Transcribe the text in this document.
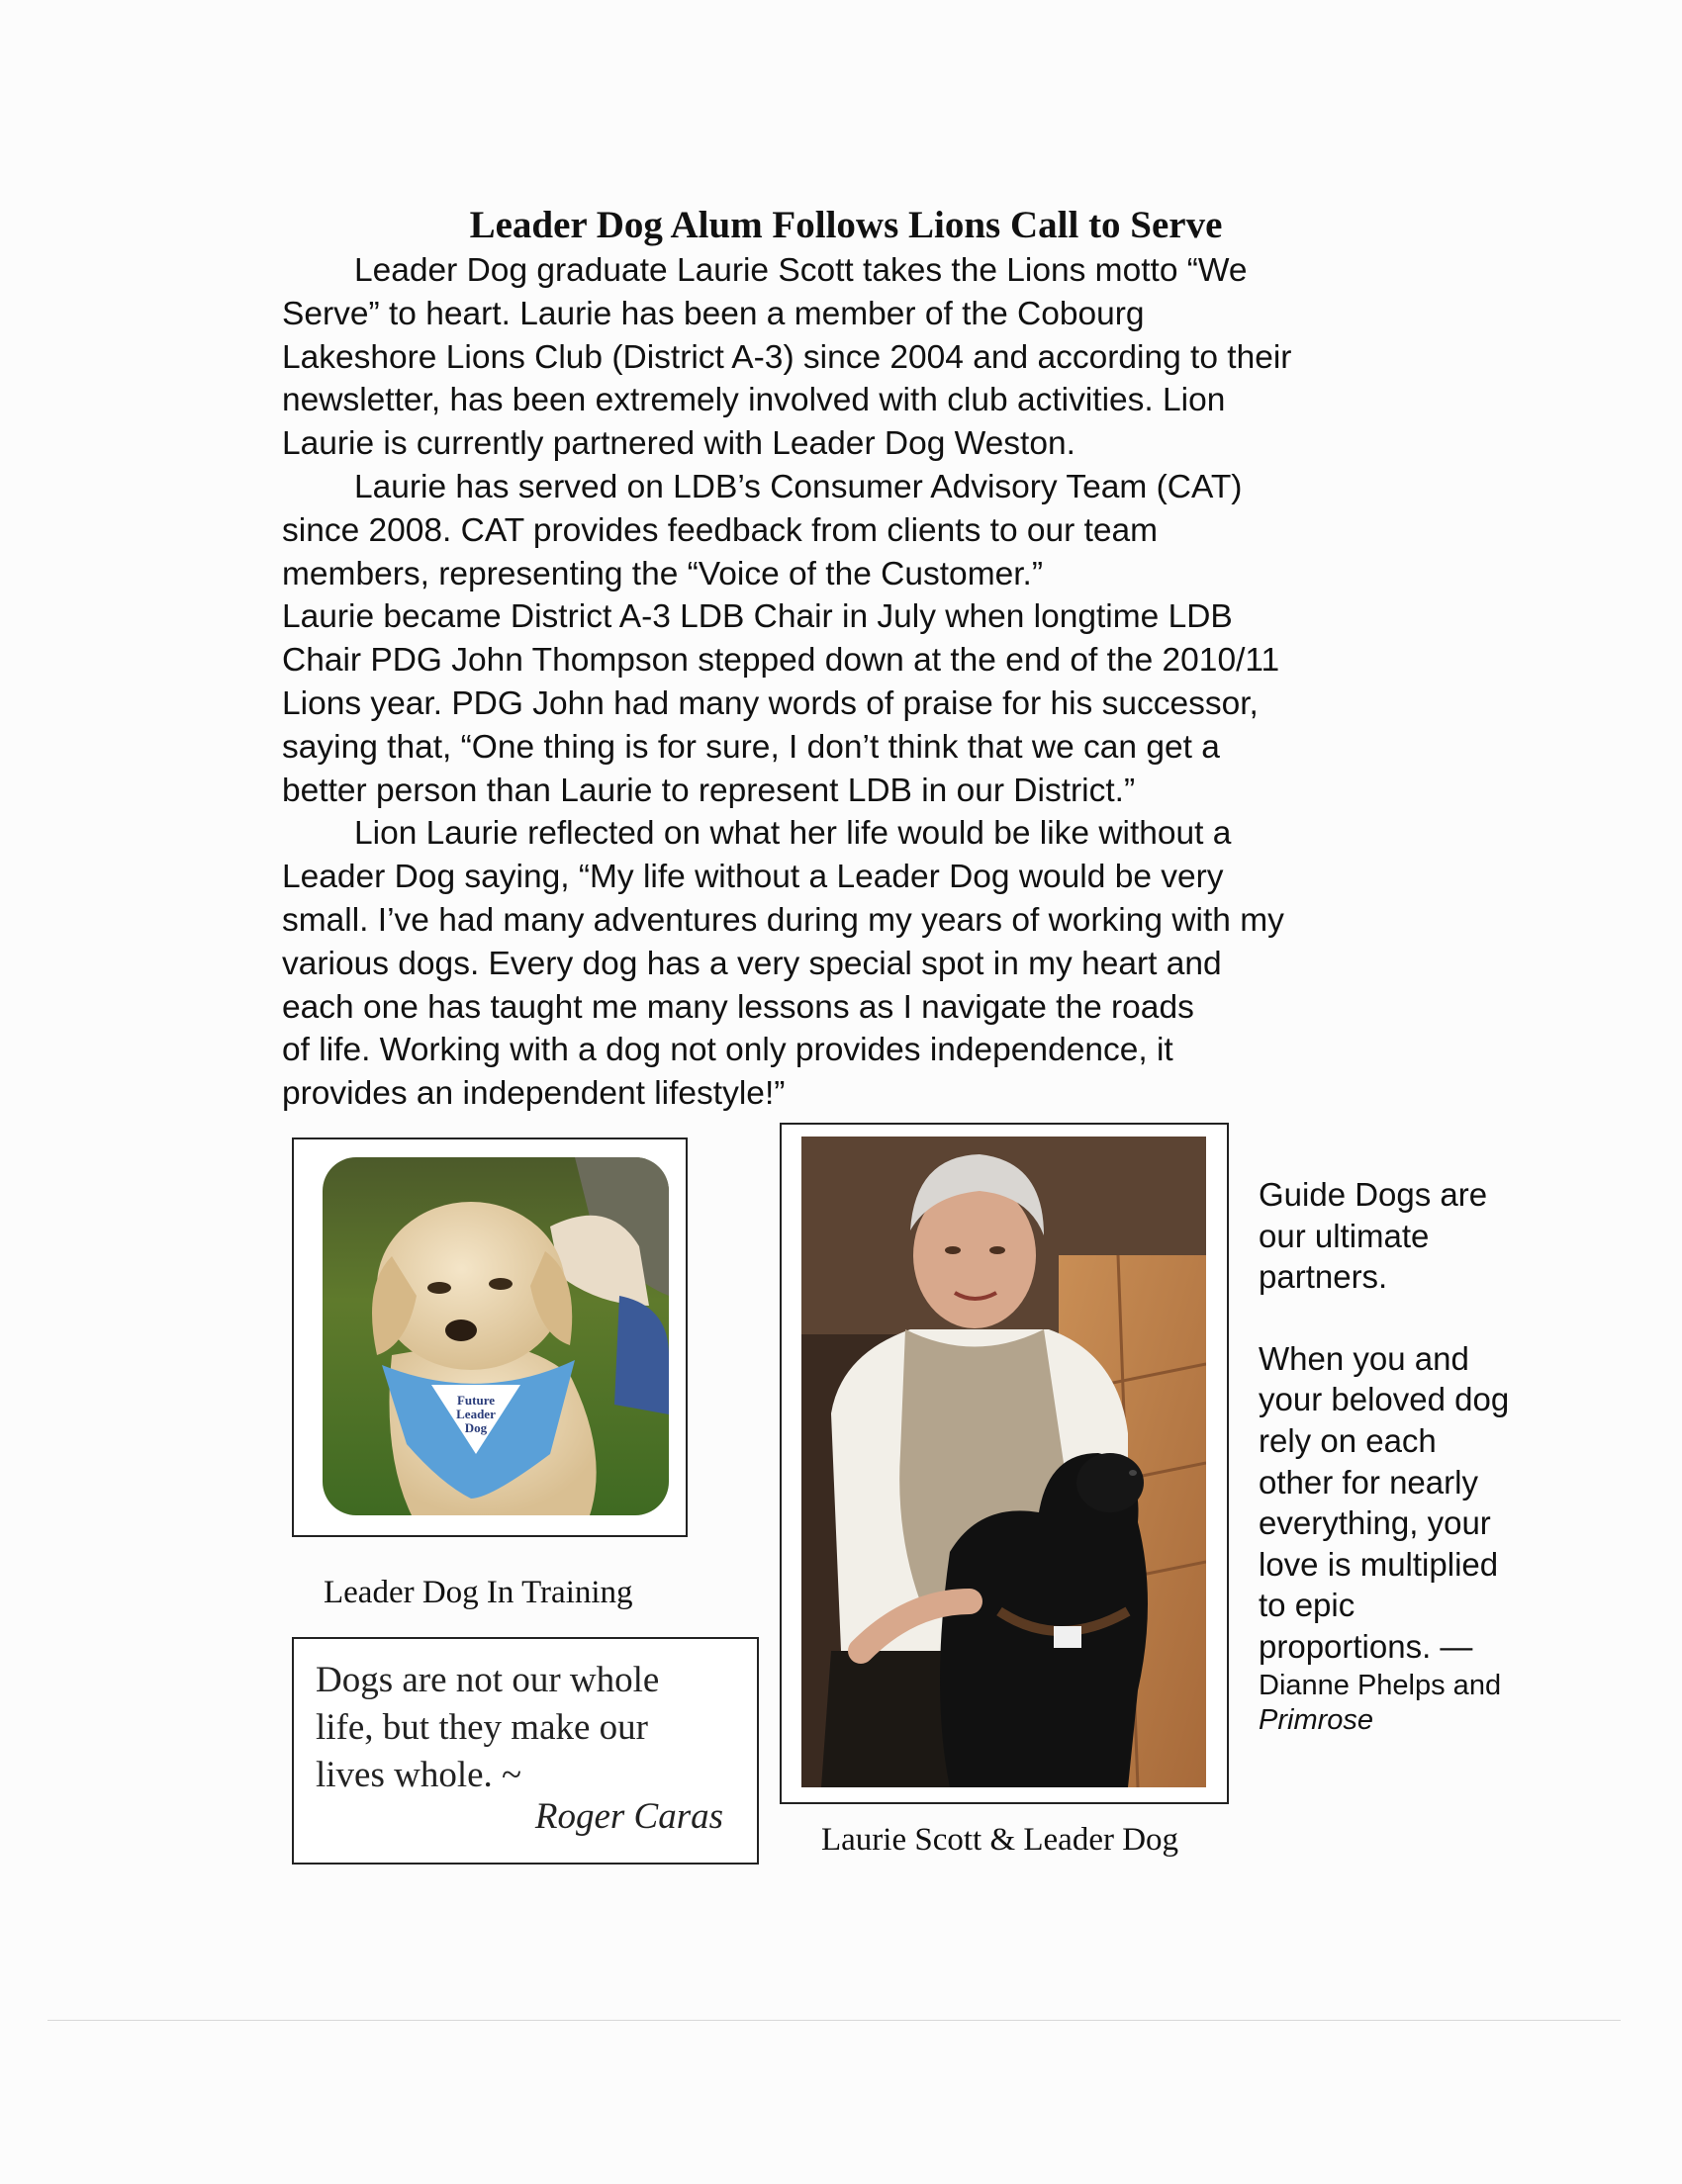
Leader Dog Alum Follows Lions Call to Serve

Leader Dog graduate Laurie Scott takes the Lions motto “We
Serve” to heart. Laurie has been a member of the Cobourg
Lakeshore Lions Club (District A-3) since 2004 and according to their
newsletter, has been extremely involved with club activities. Lion
Laurie is currently partnered with Leader Dog Weston.

Laurie has served on LDB’s Consumer Advisory Team (CAT)
since 2008. CAT provides feedback from clients to our team
members, representing the “Voice of the Customer.”

Laurie became District A-3 LDB Chair in July when longtime LDB
Chair PDG John Thompson stepped down at the end of the 2010/11
Lions year. PDG John had many words of praise for his successor,
saying that, “One thing is for sure, I don’t think that we can get a
better person than Laurie to represent LDB in our District.”

Lion Laurie reflected on what her life would be like without a
Leader Dog saying, “My life without a Leader Dog would be very
small. I’ve had many adventures during my years of working with my
various dogs. Every dog has a very special spot in my heart and
each one has taught me many lessons as I navigate the roads
of life. Working with a dog not only provides independence, it
provides an independent lifestyle!”

Future Leader Dog
Leader Dog In Training
Dogs are not our whole
life, but they make our
lives whole. ~
Roger Caras
Laurie Scott & Leader Dog

Guide Dogs are
our ultimate
partners.

When you and
your beloved dog
rely on each
other for nearly
everything, your
love is multiplied
to epic
proportions. —

Dianne Phelps and

Primrose
